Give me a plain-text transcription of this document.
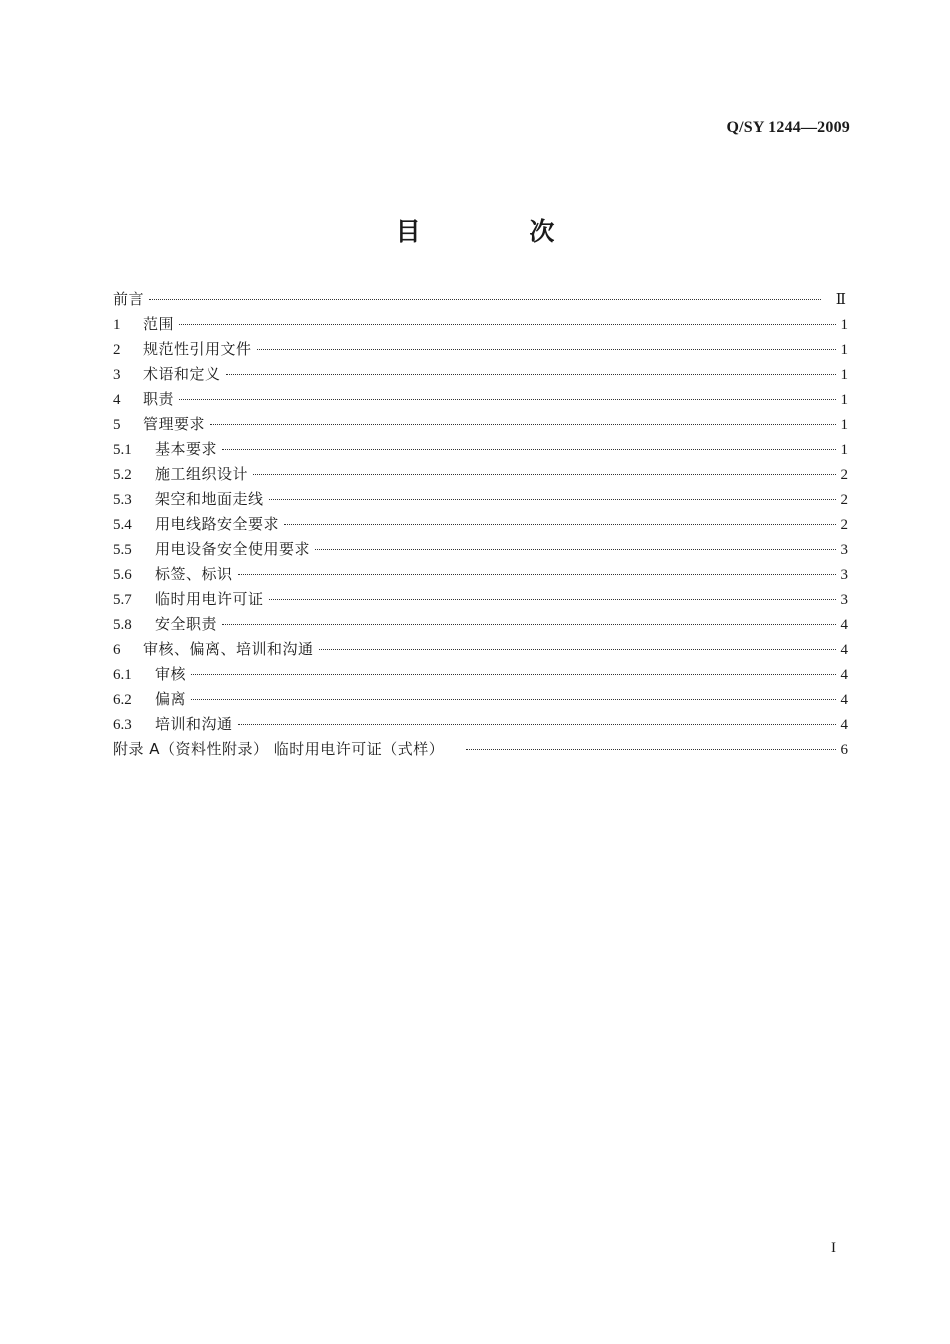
Q/SY 1244—2009
目 次
前言	Ⅱ
1	范围	1
2	规范性引用文件	1
3	术语和定义	1
4	职责	1
5	管理要求	1
5.1	基本要求	1
5.2	施工组织设计	2
5.3	架空和地面走线	2
5.4	用电线路安全要求	2
5.5	用电设备安全使用要求	3
5.6	标签、标识	3
5.7	临时用电许可证	3
5.8	安全职责	4
6	审核、偏离、培训和沟通	4
6.1	审核	4
6.2	偏离	4
6.3	培训和沟通	4
附录 A（资料性附录） 临时用电许可证（式样）	6
I
